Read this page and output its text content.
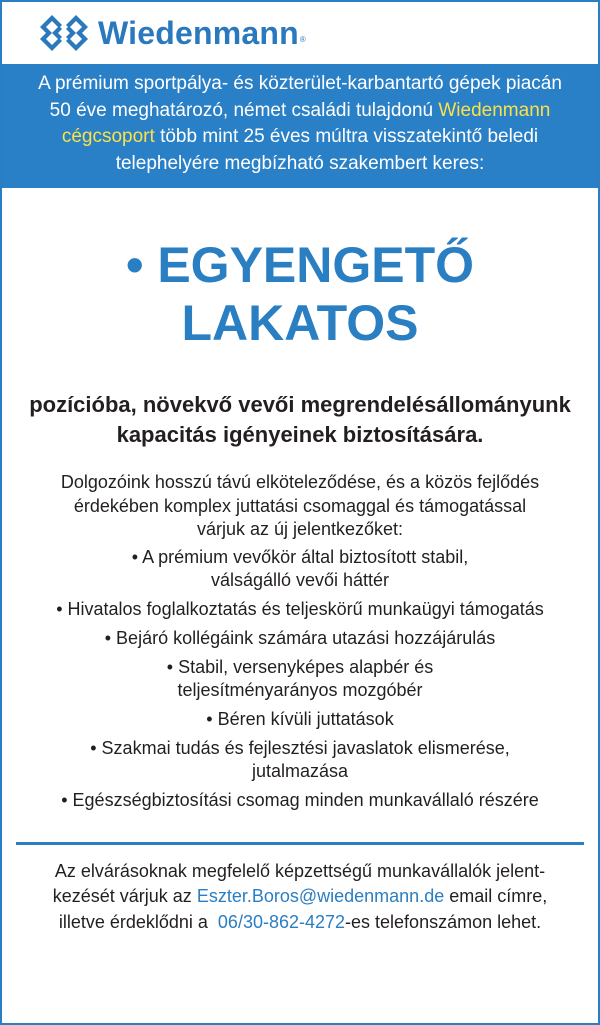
Wiedenmann ®
A prémium sportpálya- és közterület-karbantartó gépek piacán
50 éve meghatározó, német családi tulajdonú Wiedenmann
cégcsoport több mint 25 éves múltra visszatekintő beledi
telephelyére megbízható szakembert keres:
• EGYENGETŐ
LAKATOS
pozícióba, növekvő vevői megrendelésállományunk
kapacitás igényeinek biztosítására.
Dolgozóink hosszú távú elköteleződése, és a közös fejlődés
érdekében komplex juttatási csomaggal és támogatással
várjuk az új jelentkezőket:
• A prémium vevőkör által biztosított stabil,
válságálló vevői háttér
• Hivatalos foglalkoztatás és teljeskörű munkaügyi támogatás
• Bejáró kollégáink számára utazási hozzájárulás
• Stabil, versenyképes alapbér és
teljesítményarányos mozgóbér
• Béren kívüli juttatások
• Szakmai tudás és fejlesztési javaslatok elismerése,
jutalmazása
• Egészségbiztosítási csomag minden munkavállaló részére
Az elvárásoknak megfelelő képzettségű munkavállalók jelent-
kezését várjuk az Eszter.Boros@wiedenmann.de email címre,
illetve érdeklődni a  06/30-862-4272-es telefonszámon lehet.
